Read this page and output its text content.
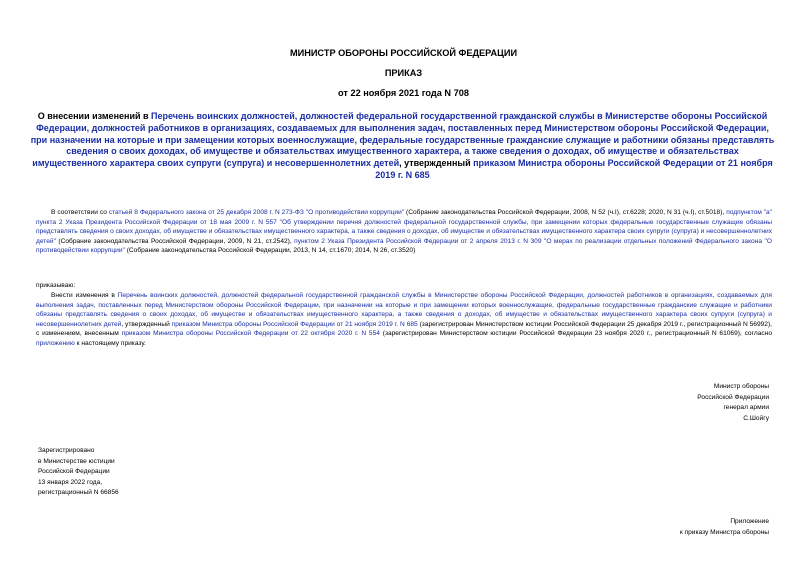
МИНИСТР ОБОРОНЫ РОССИЙСКОЙ ФЕДЕРАЦИИ
ПРИКАЗ
от 22 ноября 2021 года N 708
О внесении изменений в Перечень воинских должностей, должностей федеральной государственной гражданской службы в Министерстве обороны Российской Федерации, должностей работников в организациях, создаваемых для выполнения задач, поставленных перед Министерством обороны Российской Федерации, при назначении на которые и при замещении которых военнослужащие, федеральные государственные гражданские служащие и работники обязаны представлять сведения о своих доходах, об имуществе и обязательствах имущественного характера, а также сведения о доходах, об имуществе и обязательствах имущественного характера своих супруги (супруга) и несовершеннолетних детей, утвержденный приказом Министра обороны Российской Федерации от 21 ноября 2019 г. N 685
В соответствии со статьей 8 Федерального закона от 25 декабря 2008 г. N 273-ФЗ "О противодействии коррупции" (Собрание законодательства Российской Федерации, 2008, N 52 (ч.I), ст.6228; 2020, N 31 (ч.I), ст.5018), подпунктом "а" пункта 2 Указа Президента Российской Федерации от 18 мая 2009 г. N 557 "Об утверждении перечня должностей федеральной государственной службы, при замещении которых федеральные государственные служащие обязаны представлять сведения о своих доходах, об имуществе и обязательствах имущественного характера, а также сведения о доходах, об имуществе и обязательствах имущественного характера своих супруги (супруга) и несовершеннолетних детей" (Собрание законодательства Российской Федерации, 2009, N 21, ст.2542), пунктом 2 Указа Президента Российской Федерации от 2 апреля 2013 г. N 309 "О мерах по реализации отдельных положений Федерального закона "О противодействии коррупции" (Собрание законодательства Российской Федерации, 2013, N 14, ст.1670; 2014, N 26, ст.3520)
приказываю:
Внести изменения в Перечень воинских должностей, должностей федеральной государственной гражданской службы в Министерстве обороны Российской Федерации, должностей работников в организациях, создаваемых для выполнения задач, поставленных перед Министерством обороны Российской Федерации, при назначении на которые и при замещении которых военнослужащие, федеральные государственные гражданские служащие и работники обязаны представлять сведения о своих доходах, об имуществе и обязательствах имущественного характера, а также сведения о доходах, об имуществе и обязательствах имущественного характера своих супруги (супруга) и несовершеннолетних детей, утвержденный приказом Министра обороны Российской Федерации от 21 ноября 2019 г. N 685 (зарегистрирован Министерством юстиции Российской Федерации 25 декабря 2019 г., регистрационный N 56992), с изменением, внесенным приказом Министра обороны Российской Федерации от 22 октября 2020 г. N 554 (зарегистрирован Министерством юстиции Российской Федерации 23 ноября 2020 г., регистрационный N 61069), согласно приложению к настоящему приказу.
Министр обороны
Российской Федерации
генерал армии
С.Шойгу
Зарегистрировано
в Министерстве юстиции
Российской Федерации
13 января 2022 года,
регистрационный N 66856
Приложение
к приказу Министра обороны
